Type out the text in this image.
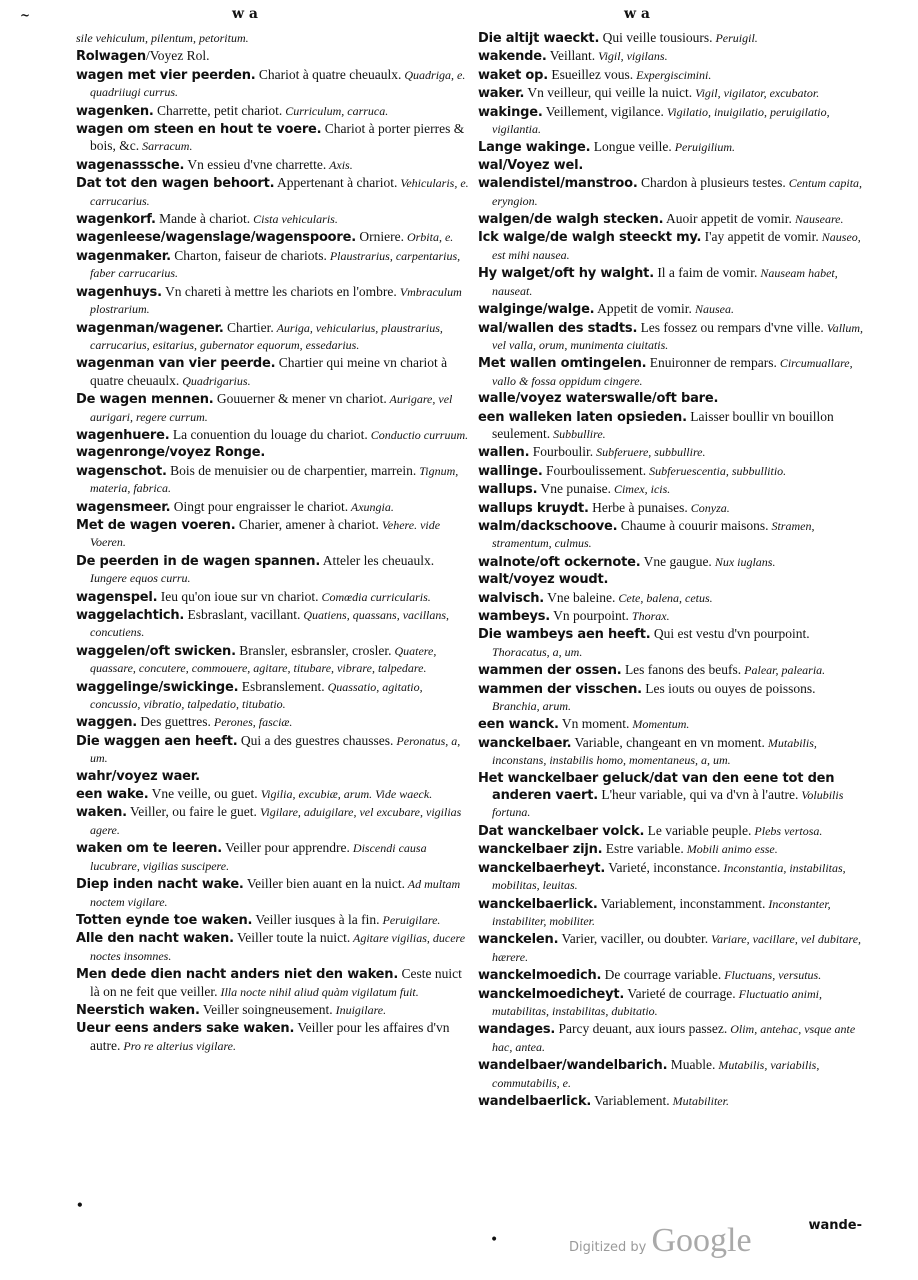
~	w a	w a
sile vehiculum, pilentum, petoritum.
Rolwagen/Voyez Rol.
wagen met vier peerden. Chariot à quatre cheuaulx. Quadriga, e. quadriiugi currus.
wagenken. Charrette, petit chariot. Curriculum, carruca.
wagen om steen en hout te voere. Chariot à porter pierres & bois, &c. Sarracum.
wagenasssche. Vn essieu d'vne charrette. Axis.
Dat tot den wagen behoort. Appertenant à chariot. Vehicularis, e. carrucarius.
wagenkorf. Mande à chariot. Cista vehicularis.
wagenleese/wagenslage/wagenspoore. Orniere. Orbita, e.
wagenmaker. Charton, faiseur de chariots. Plaustrarius, carpentarius, faber carrucarius.
wagenhuys. Vn chareti à mettre les chariots en l'ombre. Vmbraculum plostrarium.
wagenman/wagener. Chartier. Auriga, vehicularius, plaustrarius, carrucarius, esitarius, gubernator equorum, essedarius.
wagenman van vier peerde. Chartier qui meine vn chariot à quatre cheuaulx. Quadrigarius.
De wagen mennen. Gouuerner & mener vn chariot. Aurigare, vel aurigari, regere currum.
wagenhuere. La conuention du louage du chariot. Conductio curruum.
wagenronge/voyez Ronge.
wagenschot. Bois de menuisier ou de charpentier, marrein. Tignum, materia, fabrica.
wagensmeer. Oingt pour engraisser le chariot. Axungia.
Met de wagen voeren. Charier, amener à chariot. Vehere. vide Voeren.
De peerden in de wagen spannen. Atteler les cheuaulx. Iungere equos curru.
wagenspel. Ieu qu'on ioue sur vn chariot. Comœdia curricularis.
waggelachtich. Esbraslant, vacillant. Quatiens, quassans, vacillans, concutiens.
waggelen/oft swicken. Bransler, esbransler, crosler. Quatere, quassare, concutere, commouere, agitare, titubare, vibrare, talpedare.
waggelinge/swickinge. Esbranslement. Quassatio, agitatio, concussio, vibratio, talpedatio, titubatio.
waggen. Des guettres. Perones, fasciæ.
Die waggen aen heeft. Qui a des guestres chausses. Peronatus, a, um.
wahr/voyez waer.
een wake. Vne veille, ou guet. Vigilia, excubiæ, arum. Vide waeck.
waken. Veiller, ou faire le guet. Vigilare, aduigilare, vel excubare, vigilias agere.
waken om te leeren. Veiller pour apprendre. Discendi causa lucubrare, vigilias suscipere.
Diep inden nacht wake. Veiller bien auant en la nuict. Ad multam noctem vigilare.
Totten eynde toe waken. Veiller iusques à la fin. Peruigilare.
Alle den nacht waken. Veiller toute la nuict. Agitare vigilias, ducere noctes insomnes.
Men dede dien nacht anders niet den waken. Ceste nuict là on ne feit que veiller. Illa nocte nihil aliud quàm vigilatum fuit.
Neerstich waken. Veiller soingneusement. Inuigilare.
Ueur eens anders sake waken. Veiller pour les affaires d'vn autre. Pro re alterius vigilare.
Die altijt waeckt. Qui veille tousiours. Peruigil.
wakende. Veillant. Vigil, vigilans.
waket op. Esueillez vous. Expergiscimini.
waker. Vn veilleur, qui veille la nuict. Vigil, vigilator, excubator.
wakinge. Veillement, vigilance. Vigilatio, inuigilatio, peruigilatio, vigilantia.
Lange wakinge. Longue veille. Peruigilium.
wal/Voyez wel.
walendistel/manstroo. Chardon à plusieurs testes. Centum capita, eryngion.
walgen/de walgh stecken. Auoir appetit de vomir. Nauseare.
Ick walge/de walgh steeckt my. I'ay appetit de vomir. Nauseo, est mihi nausea.
Hy walget/oft hy walght. Il a faim de vomir. Nauseam habet, nauseat.
walginge/walge. Appetit de vomir. Nausea.
wal/wallen des stadts. Les fossez ou rempars d'vne ville. Vallum, vel valla, orum, munimenta ciuitatis.
Met wallen omtingelen. Enuironner de rempars. Circumuallare, vallo & fossa oppidum cingere.
walle/voyez waterswalle/oft bare.
een walleken laten opsieden. Laisser boullir vn bouillon seulement. Subbullire.
wallen. Fourboulir. Subferuere, subbullire.
wallinge. Fourboulissement. Subferuescentia, subbullitio.
wallups. Vne punaise. Cimex, icis.
wallups kruydt. Herbe à punaises. Conyza.
walm/dackschoove. Chaume à couurir maisons. Stramen, stramentum, culmus.
walnote/oft ockernote. Vne gaugue. Nux iuglans.
walt/voyez woudt.
walvisch. Vne baleine. Cete, balena, cetus.
wambeys. Vn pourpoint. Thorax.
Die wambeys aen heeft. Qui est vestu d'vn pourpoint. Thoracatus, a, um.
wammen der ossen. Les fanons des beufs. Palear, palearia.
wammen der visschen. Les iouts ou ouyes de poissons. Branchia, arum.
een wanck. Vn moment. Momentum.
wanckelbaer. Variable, changeant en vn moment. Mutabilis, inconstans, instabilis homo, momentaneus, a, um.
Het wanckelbaer geluck/dat van den eene tot den anderen vaert. L'heur variable, qui va d'vn à l'autre. Volubilis fortuna.
Dat wanckelbaer volck. Le variable peuple. Plebs vertosa.
wanckelbaer zijn. Estre variable. Mobili animo esse.
wanckelbaerheyt. Varieté, inconstance. Inconstantia, instabilitas, mobilitas, leuitas.
wanckelbaerlick. Variablement, inconstamment. Inconstanter, instabiliter, mobiliter.
wanckelen. Varier, vaciller, ou doubter. Variare, vacillare, vel dubitare, hærere.
wanckelmoedich. De courrage variable. Fluctuans, versutus.
wanckelmoedicheyt. Varieté de courrage. Fluctuatio animi, mutabilitas, instabilitas, dubitatio.
wandages. Parcy deuant, aux iours passez. Olim, antehac, vsque ante hac, antea.
wandelbaer/wandelbarich. Muable. Mutabilis, variabilis, commutabilis, e.
wandelbaerlick. Variablement. Mutabiliter.
•
wande-
•	Digitized by Google
